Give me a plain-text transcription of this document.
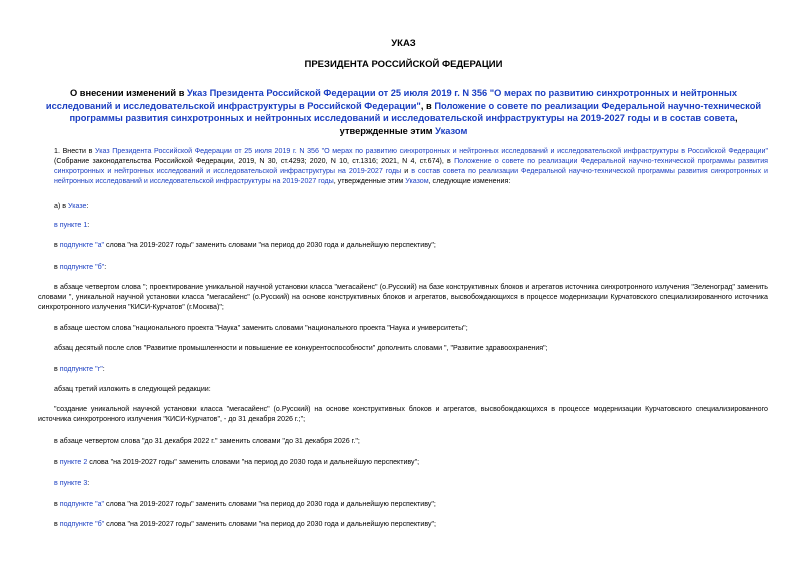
УКАЗ
ПРЕЗИДЕНТА РОССИЙСКОЙ ФЕДЕРАЦИИ

О внесении изменений в Указ Президента Российской Федерации от 25 июля 2019 г. N 356 "О мерах по развитию синхротронных и нейтронных исследований и исследовательской инфраструктуры в Российской Федерации", в Положение о совете по реализации Федеральной научно-технической программы развития синхротронных и нейтронных исследований и исследовательской инфраструктуры на 2019-2027 годы и в состав совета, утвержденные этим Указом

1. Внести в Указ Президента Российской Федерации от 25 июля 2019 г. N 356 "О мерах по развитию синхротронных и нейтронных исследований и исследовательской инфраструктуры в Российской Федерации" (Собрание законодательства Российской Федерации, 2019, N 30, ст.4293; 2020, N 10, ст.1316; 2021, N 4, ст.674), в Положение о совете по реализации Федеральной научно-технической программы развития синхротронных и нейтронных исследований и исследовательской инфраструктуры на 2019-2027 годы и в состав совета по реализации Федеральной научно-технической программы развития синхротронных и нейтронных исследований и исследовательской инфраструктуры на 2019-2027 годы, утвержденные этим Указом, следующие изменения:

а) в Указе:

в пункте 1:

в подпункте "а" слова "на 2019-2027 годы" заменить словами "на период до 2030 года и дальнейшую перспективу";

в подпункте "б":

в абзаце четвертом слова "; проектирование уникальной научной установки класса "мегасайенс" (о.Русский) на базе конструктивных блоков и агрегатов источника синхротронного излучения "Зеленоград" заменить словами ", уникальной научной установки класса "мегасайенс" (о.Русский) на основе конструктивных блоков и агрегатов, высвобождающихся в процессе модернизации Курчатовского специализированного источника синхротронного излучения "КИСИ-Курчатов" (г.Москва)";

в абзаце шестом слова "национального проекта "Наука" заменить словами "национального проекта "Наука и университеты";

абзац десятый после слов "Развитие промышленности и повышение ее конкурентоспособности" дополнить словами ", "Развитие здравоохранения";

в подпункте "г":

абзац третий изложить в следующей редакции:

"создание уникальной научной установки класса "мегасайенс" (о.Русский) на основе конструктивных блоков и агрегатов, высвобождающихся в процессе модернизации Курчатовского специализированного источника синхротронного излучения "КИСИ-Курчатов", - до 31 декабря 2026 г.;";

в абзаце четвертом слова "до 31 декабря 2022 г." заменить словами "до 31 декабря 2026 г.";

в пункте 2 слова "на 2019-2027 годы" заменить словами "на период до 2030 года и дальнейшую перспективу";

в пункте 3:

в подпункте "а" слова "на 2019-2027 годы" заменить словами "на период до 2030 года и дальнейшую перспективу";

в подпункте "б" слова "на 2019-2027 годы" заменить словами "на период до 2030 года и дальнейшую перспективу";
